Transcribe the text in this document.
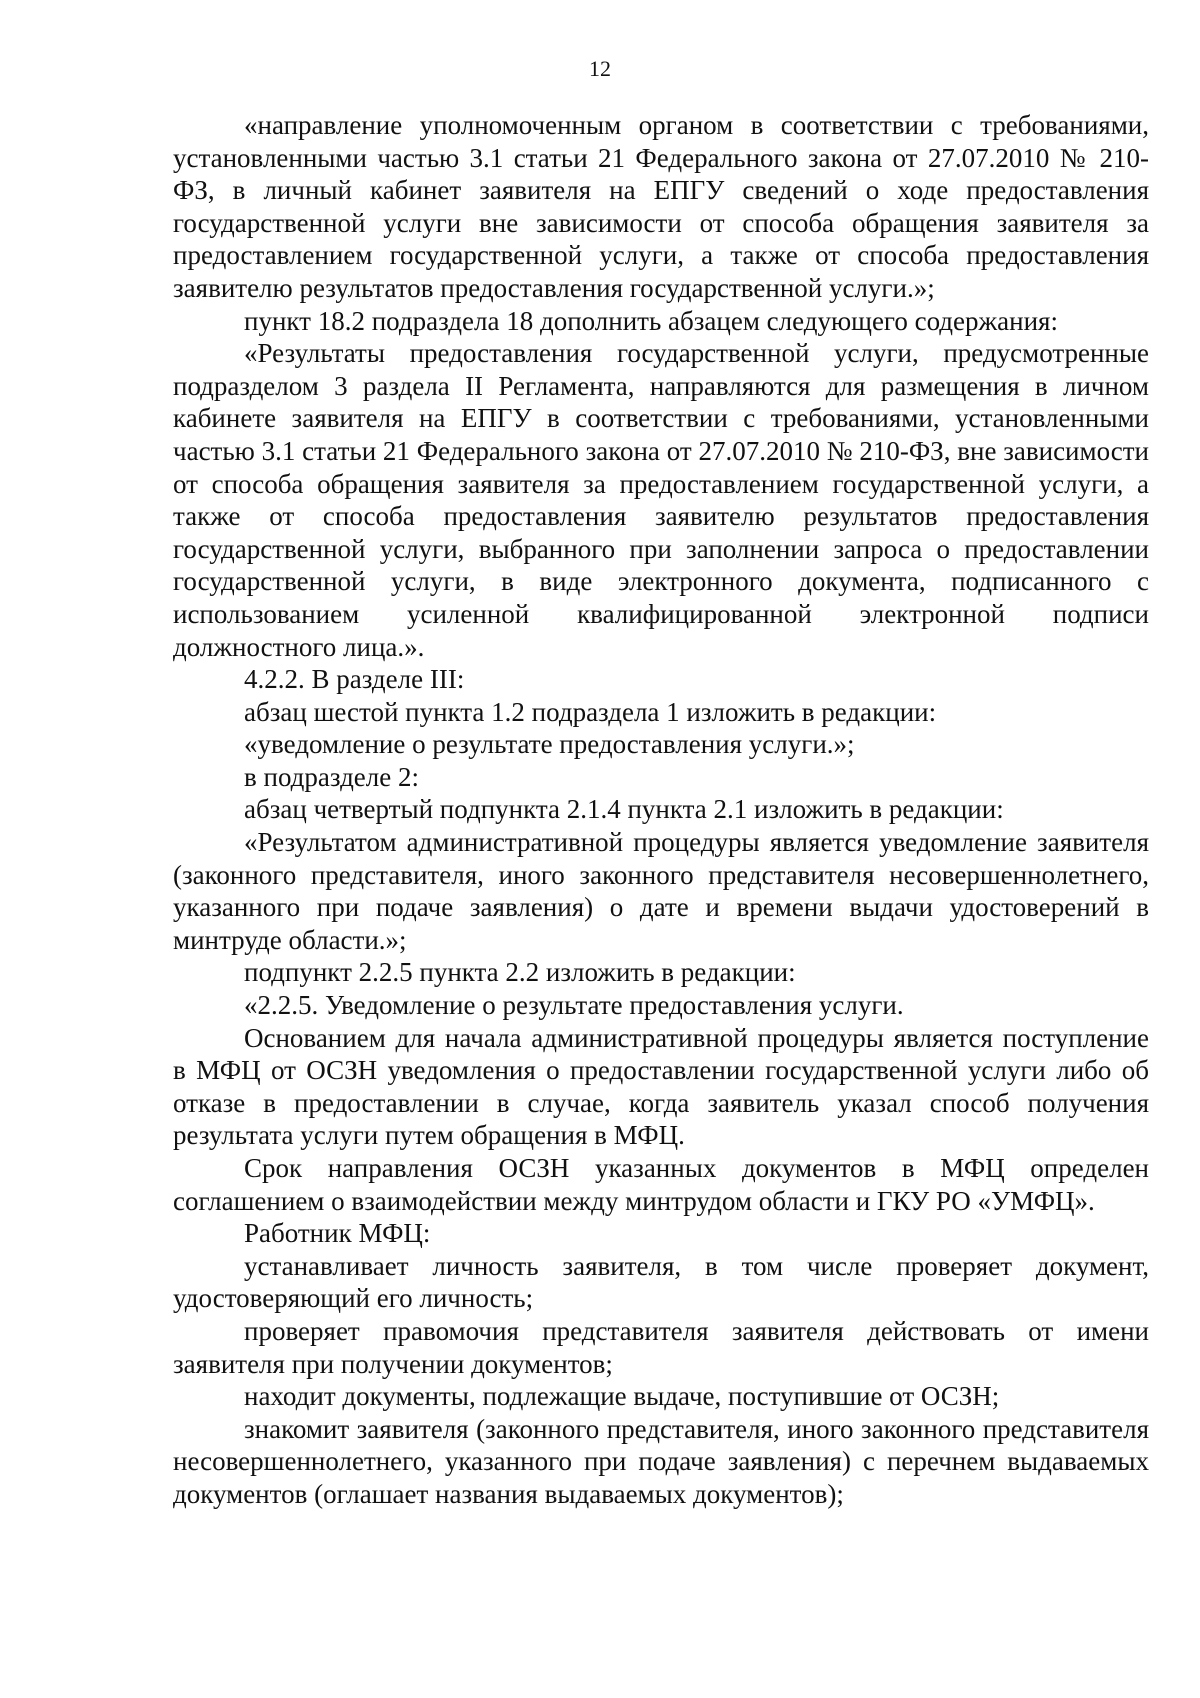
12

«направление уполномоченным органом в соответствии с требованиями, установленными частью 3.1 статьи 21 Федерального закона от 27.07.2010 № 210-ФЗ, в личный кабинет заявителя на ЕПГУ сведений о ходе предоставления государственной услуги вне зависимости от способа обращения заявителя за предоставлением государственной услуги, а также от способа предоставления заявителю результатов предоставления государственной услуги.»;

пункт 18.2 подраздела 18 дополнить абзацем следующего содержания:

«Результаты предоставления государственной услуги, предусмотренные подразделом 3 раздела II Регламента, направляются для размещения в личном кабинете заявителя на ЕПГУ в соответствии с требованиями, установленными частью 3.1 статьи 21 Федерального закона от 27.07.2010 № 210-ФЗ, вне зависимости от способа обращения заявителя за предоставлением государственной услуги, а также от способа предоставления заявителю результатов предоставления государственной услуги, выбранного при заполнении запроса о предоставлении государственной услуги, в виде электронного документа, подписанного с использованием усиленной квалифицированной электронной подписи должностного лица.».

4.2.2. В разделе III:

абзац шестой пункта 1.2 подраздела 1 изложить в редакции:

«уведомление о результате предоставления услуги.»;

в подразделе 2:

абзац четвертый подпункта 2.1.4 пункта 2.1 изложить в редакции:

«Результатом административной процедуры является уведомление заявителя (законного представителя, иного законного представителя несовершеннолетнего, указанного при подаче заявления) о дате и времени выдачи удостоверений в минтруде области.»;

подпункт 2.2.5 пункта 2.2 изложить в редакции:

«2.2.5. Уведомление о результате предоставления услуги.

Основанием для начала административной процедуры является поступление в МФЦ от ОСЗН уведомления о предоставлении государственной услуги либо об отказе в предоставлении в случае, когда заявитель указал способ получения результата услуги путем обращения в МФЦ.

Срок направления ОСЗН указанных документов в МФЦ определен соглашением о взаимодействии между минтрудом области и ГКУ РО «УМФЦ».

Работник МФЦ:

устанавливает личность заявителя, в том числе проверяет документ, удостоверяющий его личность;

проверяет правомочия представителя заявителя действовать от имени заявителя при получении документов;

находит документы, подлежащие выдаче, поступившие от ОСЗН;

знакомит заявителя (законного представителя, иного законного представителя несовершеннолетнего, указанного при подаче заявления) с перечнем выдаваемых документов (оглашает названия выдаваемых документов);
